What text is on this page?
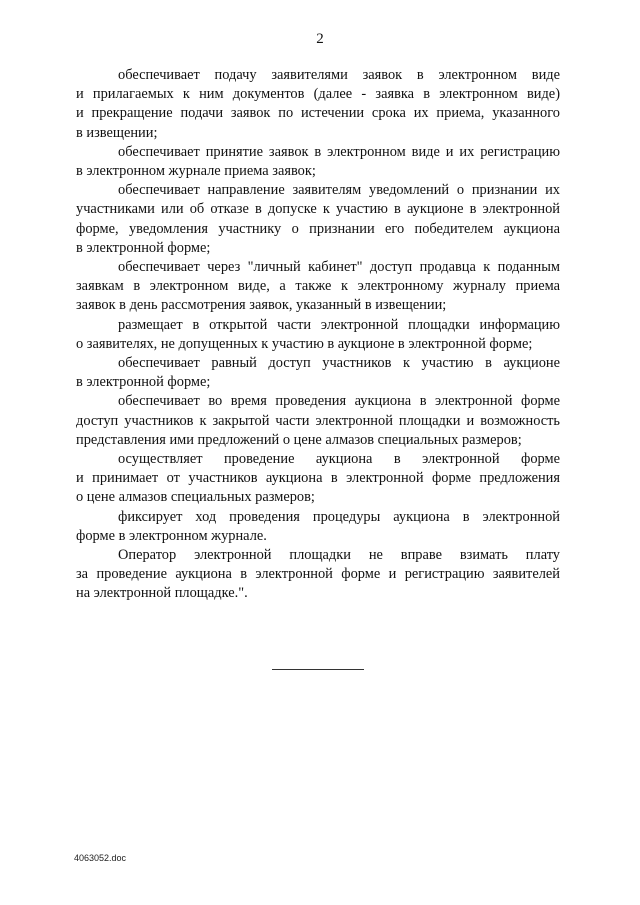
2
обеспечивает подачу заявителями заявок в электронном виде
и прилагаемых к ним документов (далее - заявка в электронном виде)
и прекращение подачи заявок по истечении срока их приема, указанного
в извещении;
обеспечивает принятие заявок в электронном виде и их регистрацию
в электронном журнале приема заявок;
обеспечивает направление заявителям уведомлений о признании их
участниками или об отказе в допуске к участию в аукционе в электронной
форме, уведомления участнику о признании его победителем аукциона
в электронной форме;
обеспечивает через "личный кабинет" доступ продавца к поданным
заявкам в электронном виде, а также к электронному журналу приема
заявок в день рассмотрения заявок, указанный в извещении;
размещает в открытой части электронной площадки информацию
о заявителях, не допущенных к участию в аукционе в электронной форме;
обеспечивает равный доступ участников к участию в аукционе
в электронной форме;
обеспечивает во время проведения аукциона в электронной форме
доступ участников к закрытой части электронной площадки и возможность
представления ими предложений о цене алмазов специальных размеров;
осуществляет проведение аукциона в электронной форме
и принимает от участников аукциона в электронной форме предложения
о цене алмазов специальных размеров;
фиксирует ход проведения процедуры аукциона в электронной
форме в электронном журнале.
Оператор электронной площадки не вправе взимать плату
за проведение аукциона в электронной форме и регистрацию заявителей
на электронной площадке.".
4063052.doc
